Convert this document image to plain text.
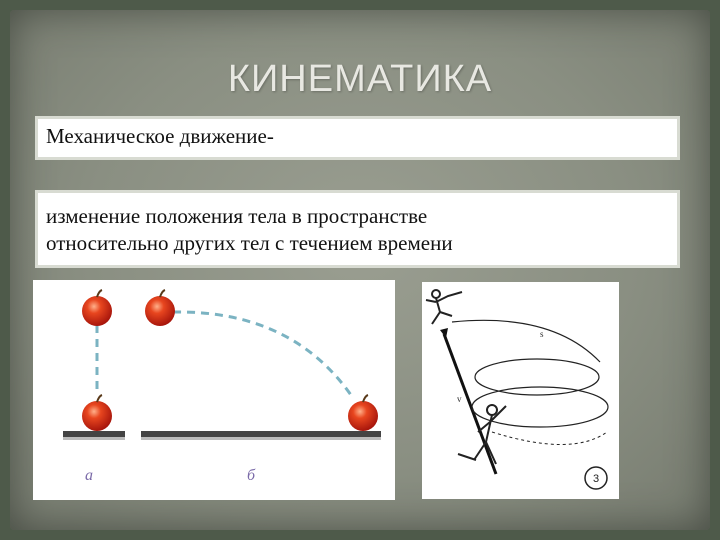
КИНЕМАТИКА
Механическое движение-
изменение положения тела в пространстве
относительно других тел с течением времени
а	б
v
s
3
